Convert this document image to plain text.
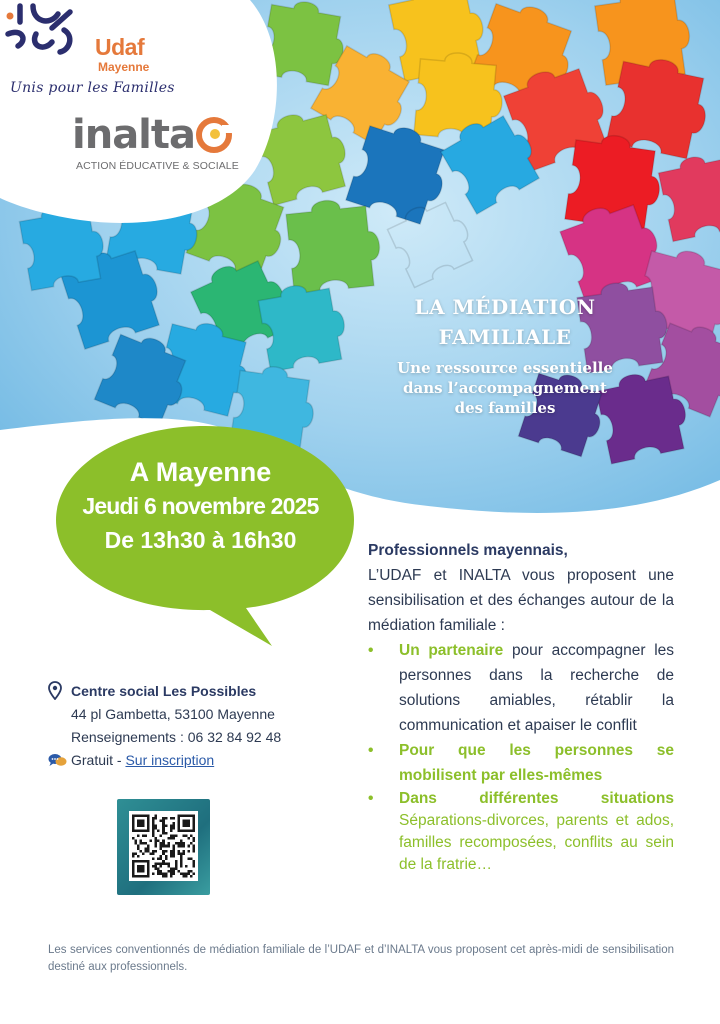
Udaf
Mayenne
Unis pour les Familles
inalta
ACTION ÉDUCATIVE & SOCIALE
LA MÉDIATION
FAMILIALE
Une ressource essentielle
dans l’accompagnement
des familles
A Mayenne
Jeudi 6 novembre 2025
De 13h30 à 16h30	Professionnels mayennais,
L’UDAF et INALTA vous proposent une sensibilisation et des échanges autour de la médiation familiale :
• Un partenaire pour accompagner les personnes dans la recherche de solutions amiables, rétablir la communication et apaiser le conflit
• Pour que les personnes se mobilisent par elles-mêmes
• Dans différentes situations
Séparations-divorces, parents et ados, familles recomposées, conflits au sein de la fratrie…
Centre social Les Possibles
44 pl Gambetta, 53100 Mayenne
Renseignements : 06 32 84 92 48
Gratuit - Sur inscription
Les services conventionnés de médiation familiale de l’UDAF et d’INALTA vous proposent cet après-midi de sensibilisation destiné aux professionnels.
